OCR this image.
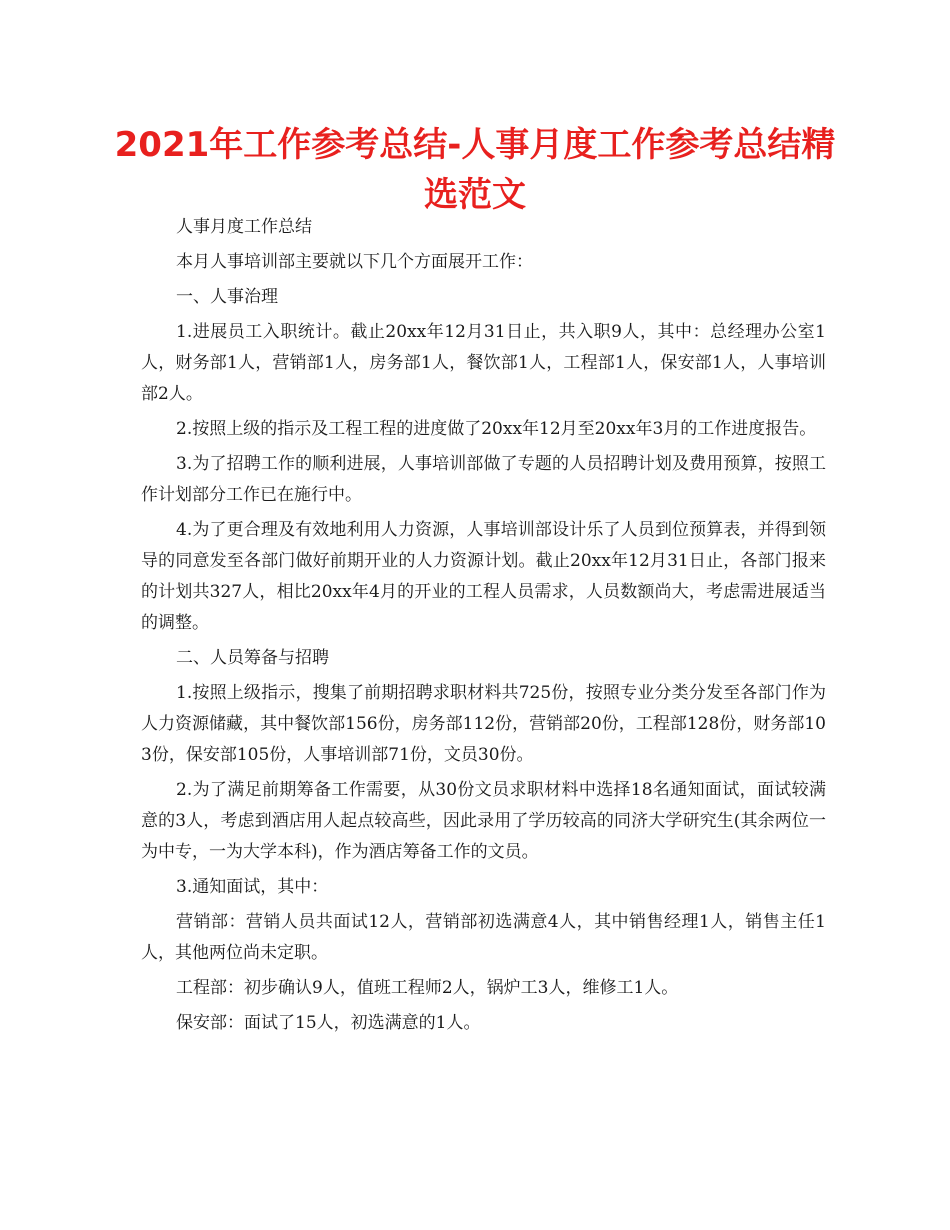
2021年工作参考总结-人事月度工作参考总结精选范文

人事月度工作总结

本月人事培训部主要就以下几个方面展开工作：

一、人事治理

1.进展员工入职统计。截止20xx年12月31日止，共入职9人，其中：总经理办公室1人，财务部1人，营销部1人，房务部1人，餐饮部1人，工程部1人，保安部1人，人事培训部2人。

2.按照上级的指示及工程工程的进度做了20xx年12月至20xx年3月的工作进度报告。

3.为了招聘工作的顺利进展，人事培训部做了专题的人员招聘计划及费用预算，按照工作计划部分工作已在施行中。

4.为了更合理及有效地利用人力资源，人事培训部设计乐了人员到位预算表，并得到领导的同意发至各部门做好前期开业的人力资源计划。截止20xx年12月31日止，各部门报来的计划共327人，相比20xx年4月的开业的工程人员需求，人员数额尚大，考虑需进展适当的调整。

二、人员筹备与招聘

1.按照上级指示，搜集了前期招聘求职材料共725份，按照专业分类分发至各部门作为人力资源储藏，其中餐饮部156份，房务部112份，营销部20份，工程部128份，财务部103份，保安部105份，人事培训部71份，文员30份。

2.为了满足前期筹备工作需要，从30份文员求职材料中选择18名通知面试，面试较满意的3人，考虑到酒店用人起点较高些，因此录用了学历较高的同济大学研究生(其余两位一为中专，一为大学本科)，作为酒店筹备工作的文员。

3.通知面试，其中：

营销部：营销人员共面试12人，营销部初选满意4人，其中销售经理1人，销售主任1人，其他两位尚未定职。

工程部：初步确认9人，值班工程师2人，锅炉工3人，维修工1人。

保安部：面试了15人，初选满意的1人。
